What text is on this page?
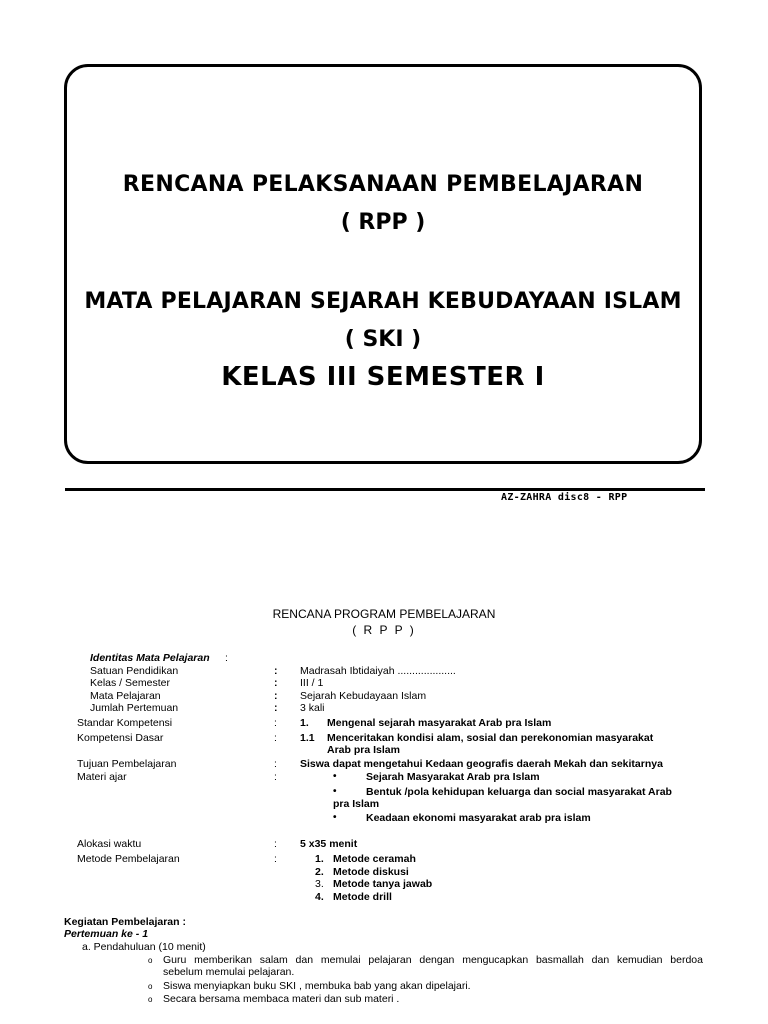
RENCANA PELAKSANAAN PEMBELAJARAN
( RPP )
MATA PELAJARAN SEJARAH KEBUDAYAAN ISLAM
( SKI )
KELAS III SEMESTER I
AZ-ZAHRA disc8 - RPP
RENCANA PROGRAM PEMBELAJARAN
( R P P )
Identitas Mata Pelajaran :
Satuan Pendidikan	: Madrasah Ibtidaiyah ....................
Kelas / Semester	: III / 1
Mata Pelajaran	: Sejarah Kebudayaan Islam
Jumlah Pertemuan	: 3 kali
Standar Kompetensi	: 1. Mengenal sejarah masyarakat Arab pra Islam
Kompetensi Dasar	: 1.1 Menceritakan kondisi alam, sosial dan perekonomian masyarakat
Arab pra Islam
Tujuan Pembelajaran	: Siswa dapat mengetahui Kedaan geografis daerah Mekah dan sekitarnya
Materi ajar	:	•	Sejarah Masyarakat Arab pra Islam
•	Bentuk /pola kehidupan keluarga dan social masyarakat Arab
pra Islam
•	Keadaan ekonomi masyarakat arab pra islam
Alokasi waktu	: 5 x35 menit
Metode Pembelajaran	:	1. Metode ceramah
2. Metode diskusi
3. Metode tanya jawab
4. Metode drill
Kegiatan Pembelajaran :
Pertemuan ke - 1
a. Pendahuluan (10 menit)
o Guru memberikan salam dan memulai pelajaran dengan mengucapkan basmallah dan kemudian berdoa
sebelum memulai pelajaran.
o Siswa menyiapkan buku SKI , membuka bab yang akan dipelajari.
o Secara bersama membaca materi dan sub materi .
